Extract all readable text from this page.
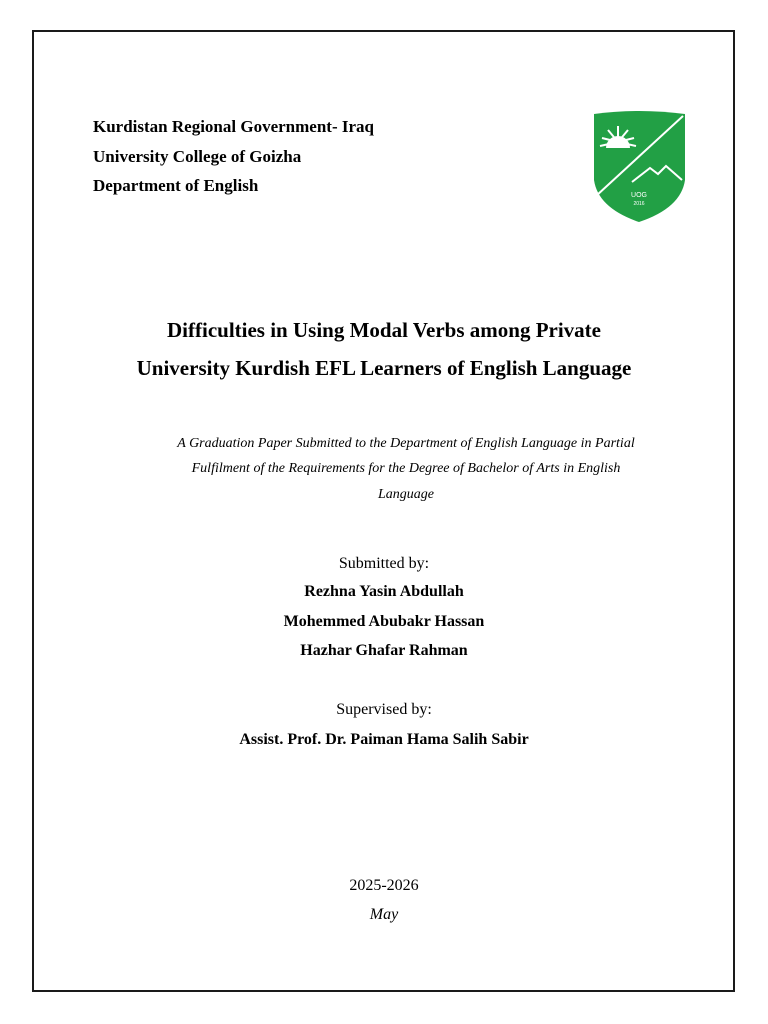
Kurdistan Regional Government- Iraq
University College of Goizha
Department of English
UOG
2016
Difficulties in Using Modal Verbs among Private
University Kurdish EFL Learners of English Language
A Graduation Paper Submitted to the Department of English Language in Partial
Fulfilment of the Requirements for the Degree of Bachelor of Arts in English
Language
Submitted by:
Rezhna Yasin Abdullah
Mohemmed Abubakr Hassan
Hazhar Ghafar Rahman
Supervised by:
Assist. Prof. Dr. Paiman Hama Salih Sabir
2025-2026
May
